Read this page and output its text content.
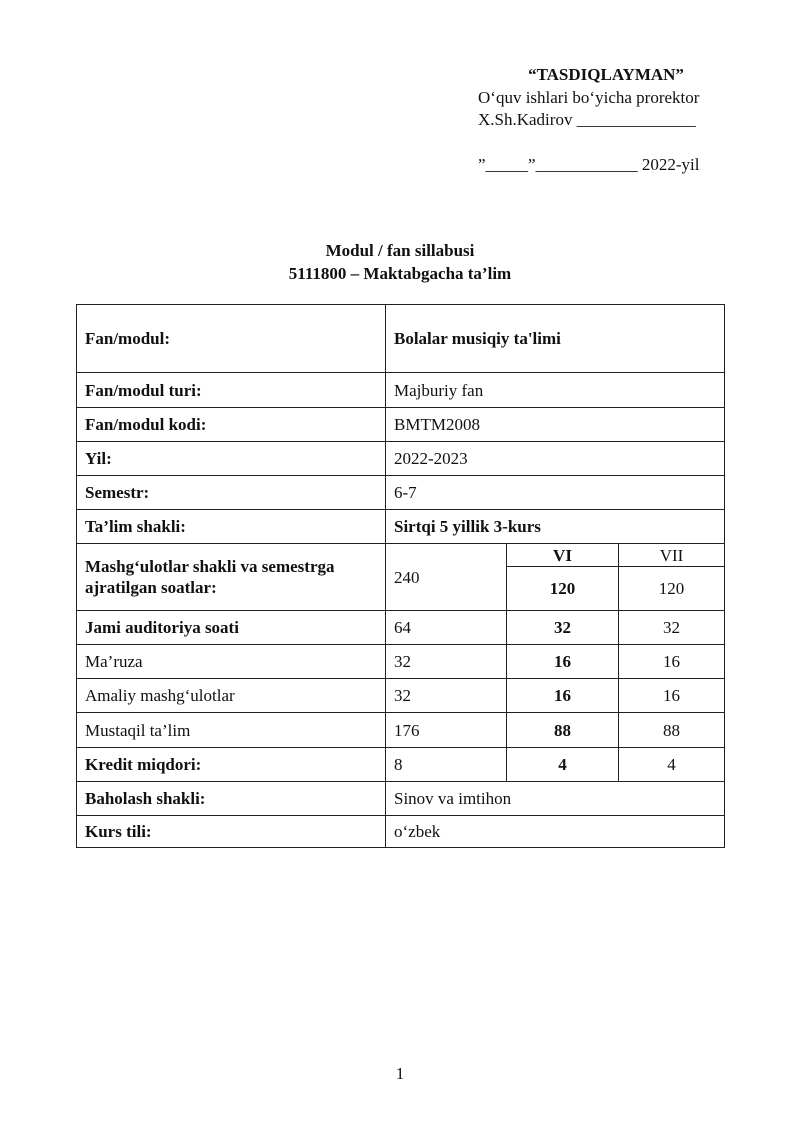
“TASDIQLAYMAN”
O‘quv ishlari bo‘yicha prorektor
X.Sh.Kadirov ______________
”_____”____________ 2022-yil
Modul / fan sillabusi
5111800 – Maktabgacha ta’lim
Fan/modul:	Bolalar musiqiy ta'limi		
Fan/modul turi:	Majburiy fan		
Fan/modul kodi:	BMTM2008		
Yil:	2022-2023		
Semestr:	6-7		
Ta’lim shakli:	Sirtqi 5 yillik 3-kurs		
Mashg‘ulotlar shakli va semestrga ajratilgan soatlar:	240	VI	VII
		120	120
Jami auditoriya soati	64	32	32
Ma’ruza	32	16	16
Amaliy mashg‘ulotlar	32	16	16
Mustaqil ta’lim	176	88	88
Kredit miqdori:	8	4	4
Baholash shakli:	Sinov va imtihon		
Kurs tili:	o‘zbek		
1
